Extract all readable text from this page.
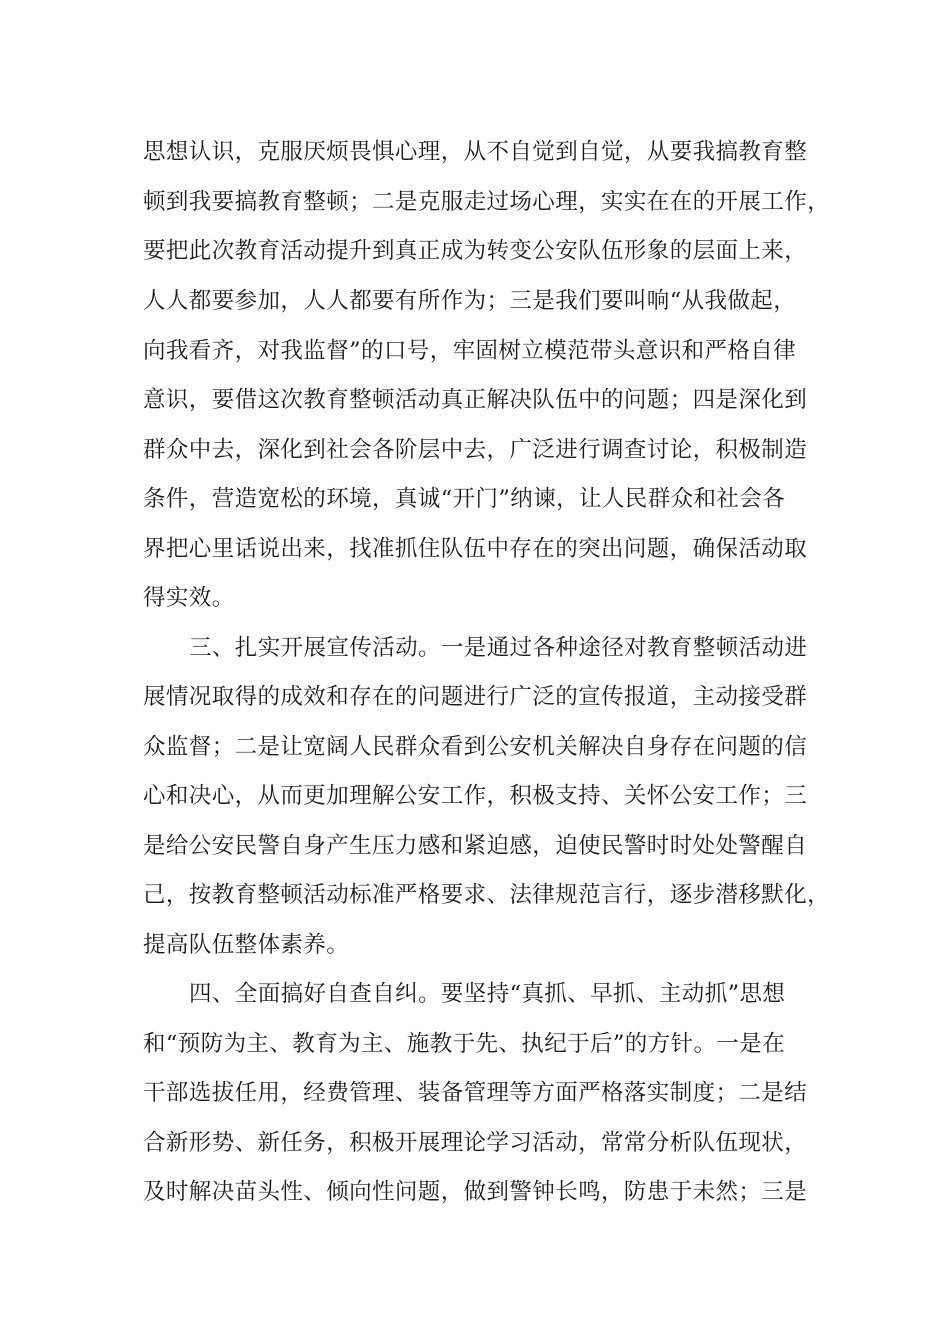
思想认识，克服厌烦畏惧心理，从不自觉到自觉，从要我搞教育整
顿到我要搞教育整顿；二是克服走过场心理，实实在在的开展工作，
要把此次教育活动提升到真正成为转变公安队伍形象的层面上来，
人人都要参加，人人都要有所作为；三是我们要叫响“从我做起，
向我看齐，对我监督”的口号，牢固树立模范带头意识和严格自律
意识，要借这次教育整顿活动真正解决队伍中的问题；四是深化到
群众中去，深化到社会各阶层中去，广泛进行调查讨论，积极制造
条件，营造宽松的环境，真诚“开门”纳谏，让人民群众和社会各
界把心里话说出来，找准抓住队伍中存在的突出问题，确保活动取
得实效。
三、扎实开展宣传活动。一是通过各种途径对教育整顿活动进
展情况取得的成效和存在的问题进行广泛的宣传报道，主动接受群
众监督；二是让宽阔人民群众看到公安机关解决自身存在问题的信
心和决心，从而更加理解公安工作，积极支持、关怀公安工作；三
是给公安民警自身产生压力感和紧迫感，迫使民警时时处处警醒自
己，按教育整顿活动标准严格要求、法律规范言行，逐步潜移默化，
提高队伍整体素养。
四、全面搞好自查自纠。要坚持“真抓、早抓、主动抓”思想
和“预防为主、教育为主、施教于先、执纪于后”的方针。一是在
干部选拔任用，经费管理、装备管理等方面严格落实制度；二是结
合新形势、新任务，积极开展理论学习活动，常常分析队伍现状，
及时解决苗头性、倾向性问题，做到警钟长鸣，防患于未然；三是
